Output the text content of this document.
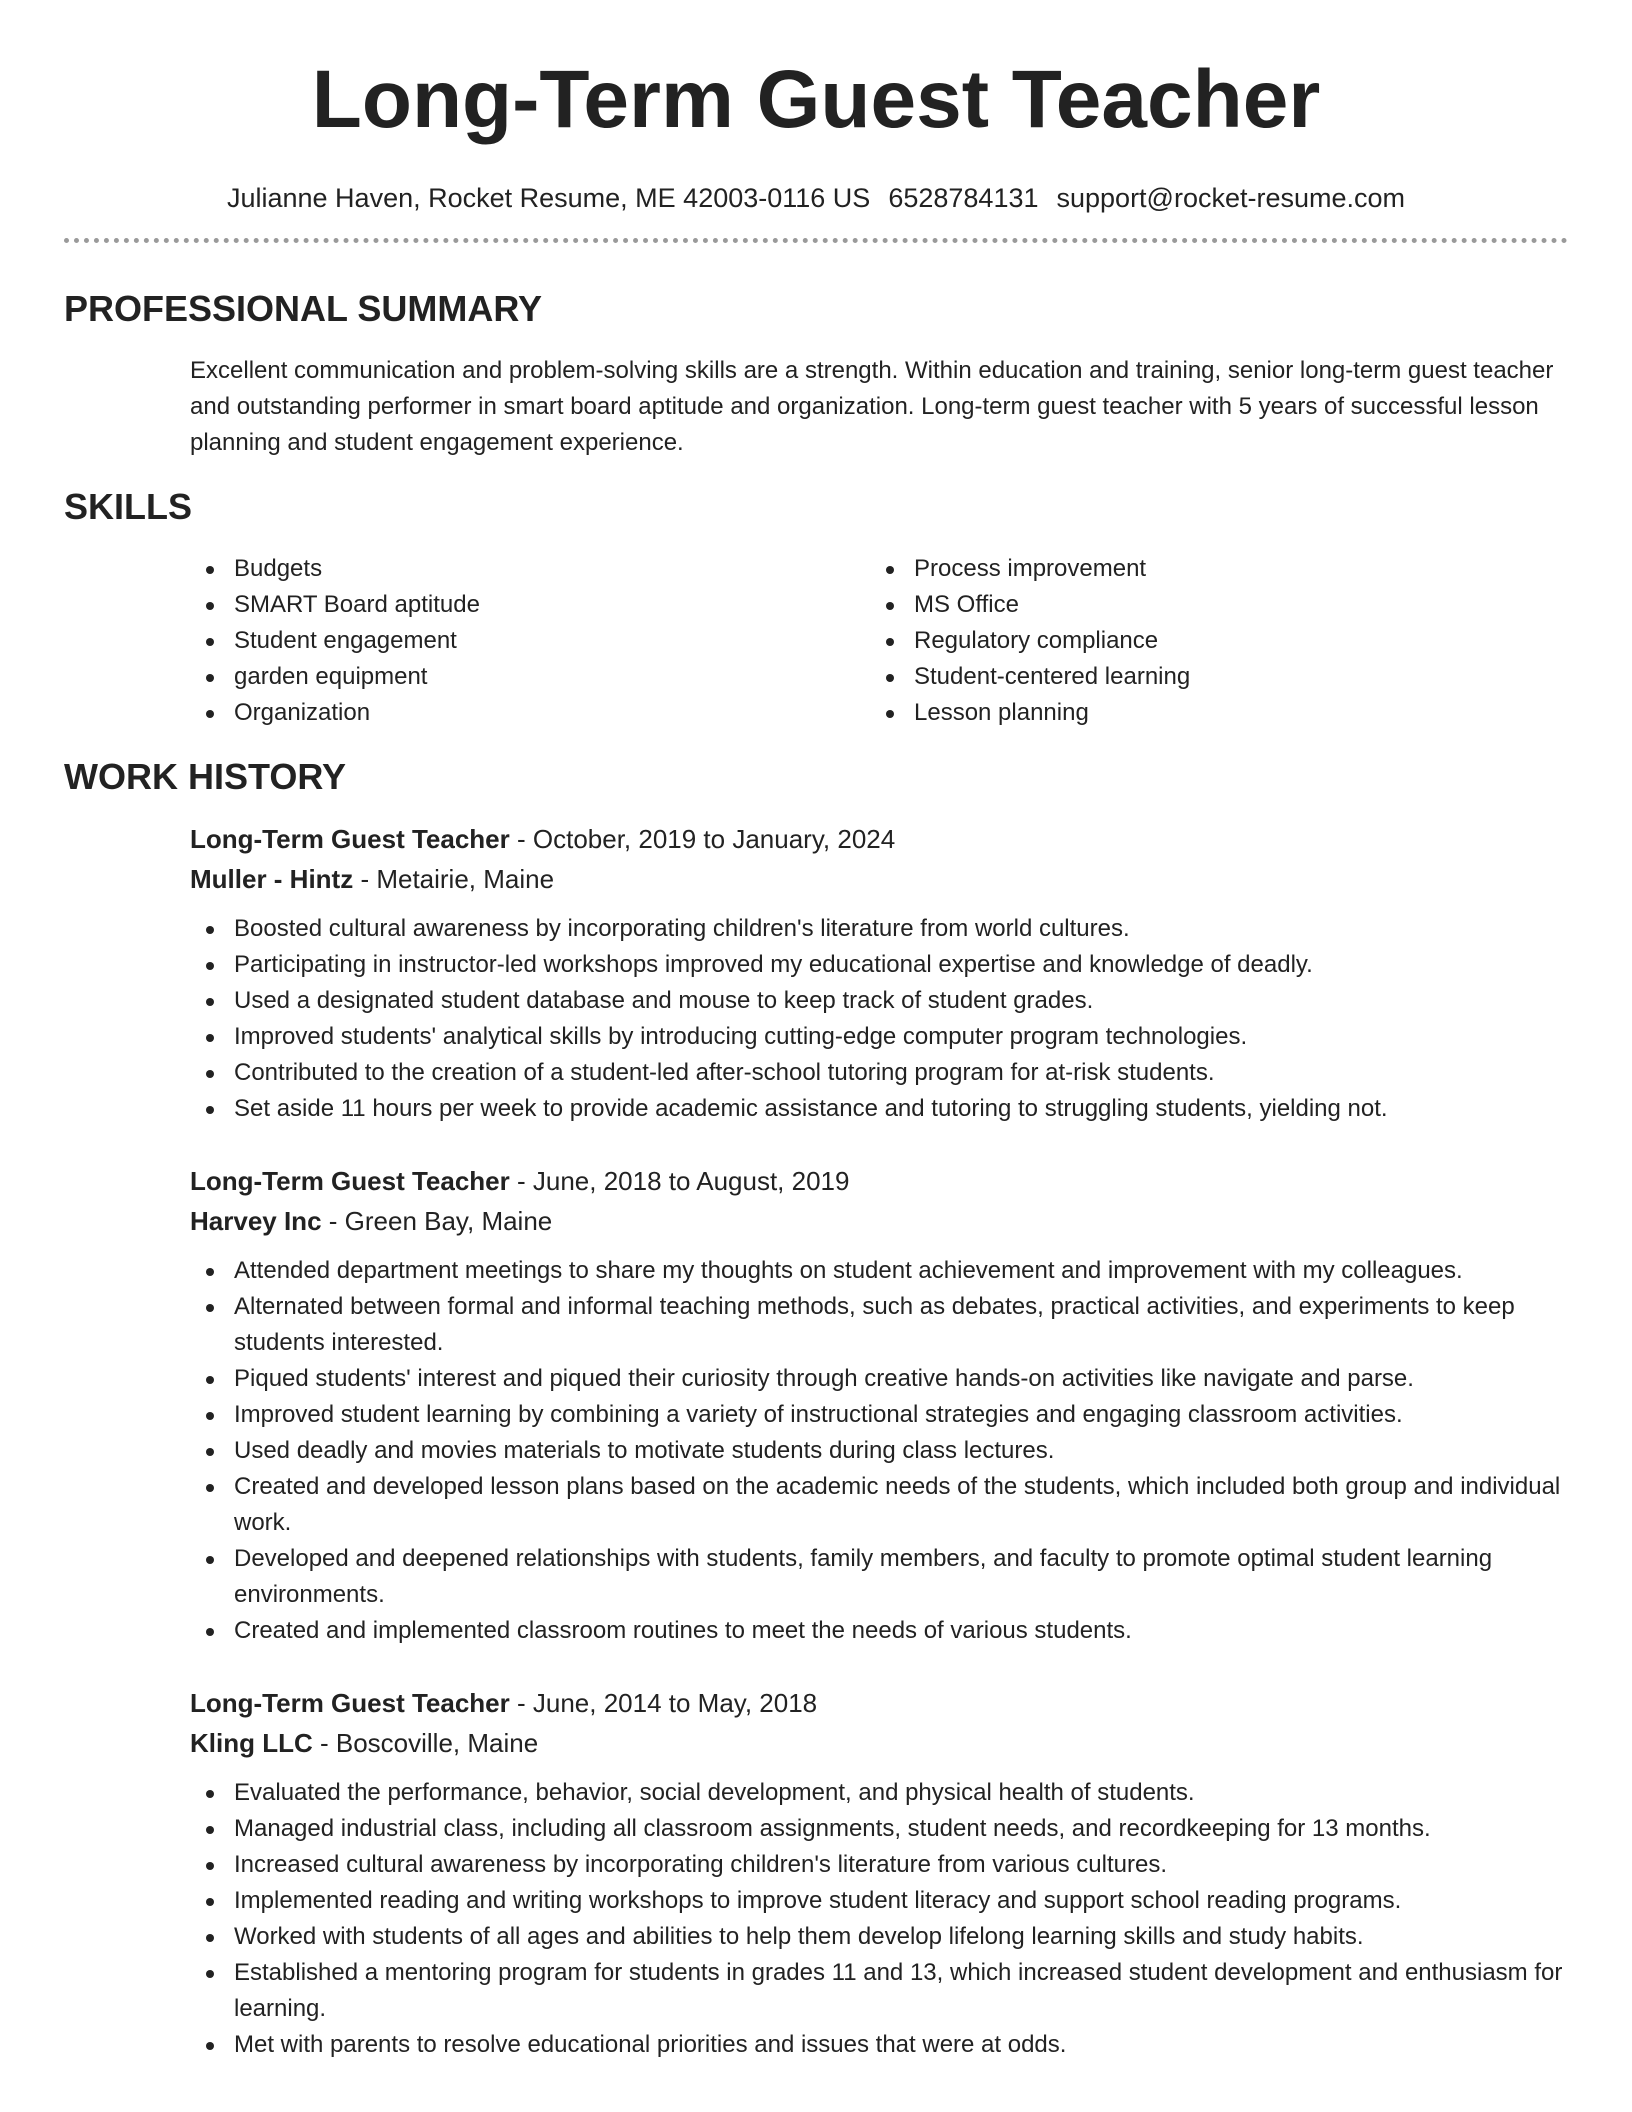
Long-Term Guest Teacher
Julianne Haven, Rocket Resume, ME 42003-0116 US 6528784131 support@rocket-resume.com
PROFESSIONAL SUMMARY

Excellent communication and problem-solving skills are a strength. Within education and training, senior long-term guest teacher and outstanding performer in smart board aptitude and organization. Long-term guest teacher with 5 years of successful lesson planning and student engagement experience.

SKILLS
Budgets
SMART Board aptitude
Student engagement
garden equipment
Organization
Process improvement
MS Office
Regulatory compliance
Student-centered learning
Lesson planning
WORK HISTORY
Long-Term Guest Teacher - October, 2019 to January, 2024
Muller - Hintz - Metairie, Maine
Boosted cultural awareness by incorporating children's literature from world cultures.
Participating in instructor-led workshops improved my educational expertise and knowledge of deadly.
Used a designated student database and mouse to keep track of student grades.
Improved students' analytical skills by introducing cutting-edge computer program technologies.
Contributed to the creation of a student-led after-school tutoring program for at-risk students.
Set aside 11 hours per week to provide academic assistance and tutoring to struggling students, yielding not.
Long-Term Guest Teacher - June, 2018 to August, 2019
Harvey Inc - Green Bay, Maine
Attended department meetings to share my thoughts on student achievement and improvement with my colleagues.
Alternated between formal and informal teaching methods, such as debates, practical activities, and experiments to keep students interested.
Piqued students' interest and piqued their curiosity through creative hands-on activities like navigate and parse.
Improved student learning by combining a variety of instructional strategies and engaging classroom activities.
Used deadly and movies materials to motivate students during class lectures.
Created and developed lesson plans based on the academic needs of the students, which included both group and individual work.
Developed and deepened relationships with students, family members, and faculty to promote optimal student learning environments.
Created and implemented classroom routines to meet the needs of various students.
Long-Term Guest Teacher - June, 2014 to May, 2018
Kling LLC - Boscoville, Maine
Evaluated the performance, behavior, social development, and physical health of students.
Managed industrial class, including all classroom assignments, student needs, and recordkeeping for 13 months.
Increased cultural awareness by incorporating children's literature from various cultures.
Implemented reading and writing workshops to improve student literacy and support school reading programs.
Worked with students of all ages and abilities to help them develop lifelong learning skills and study habits.
Established a mentoring program for students in grades 11 and 13, which increased student development and enthusiasm for learning.
Met with parents to resolve educational priorities and issues that were at odds.
